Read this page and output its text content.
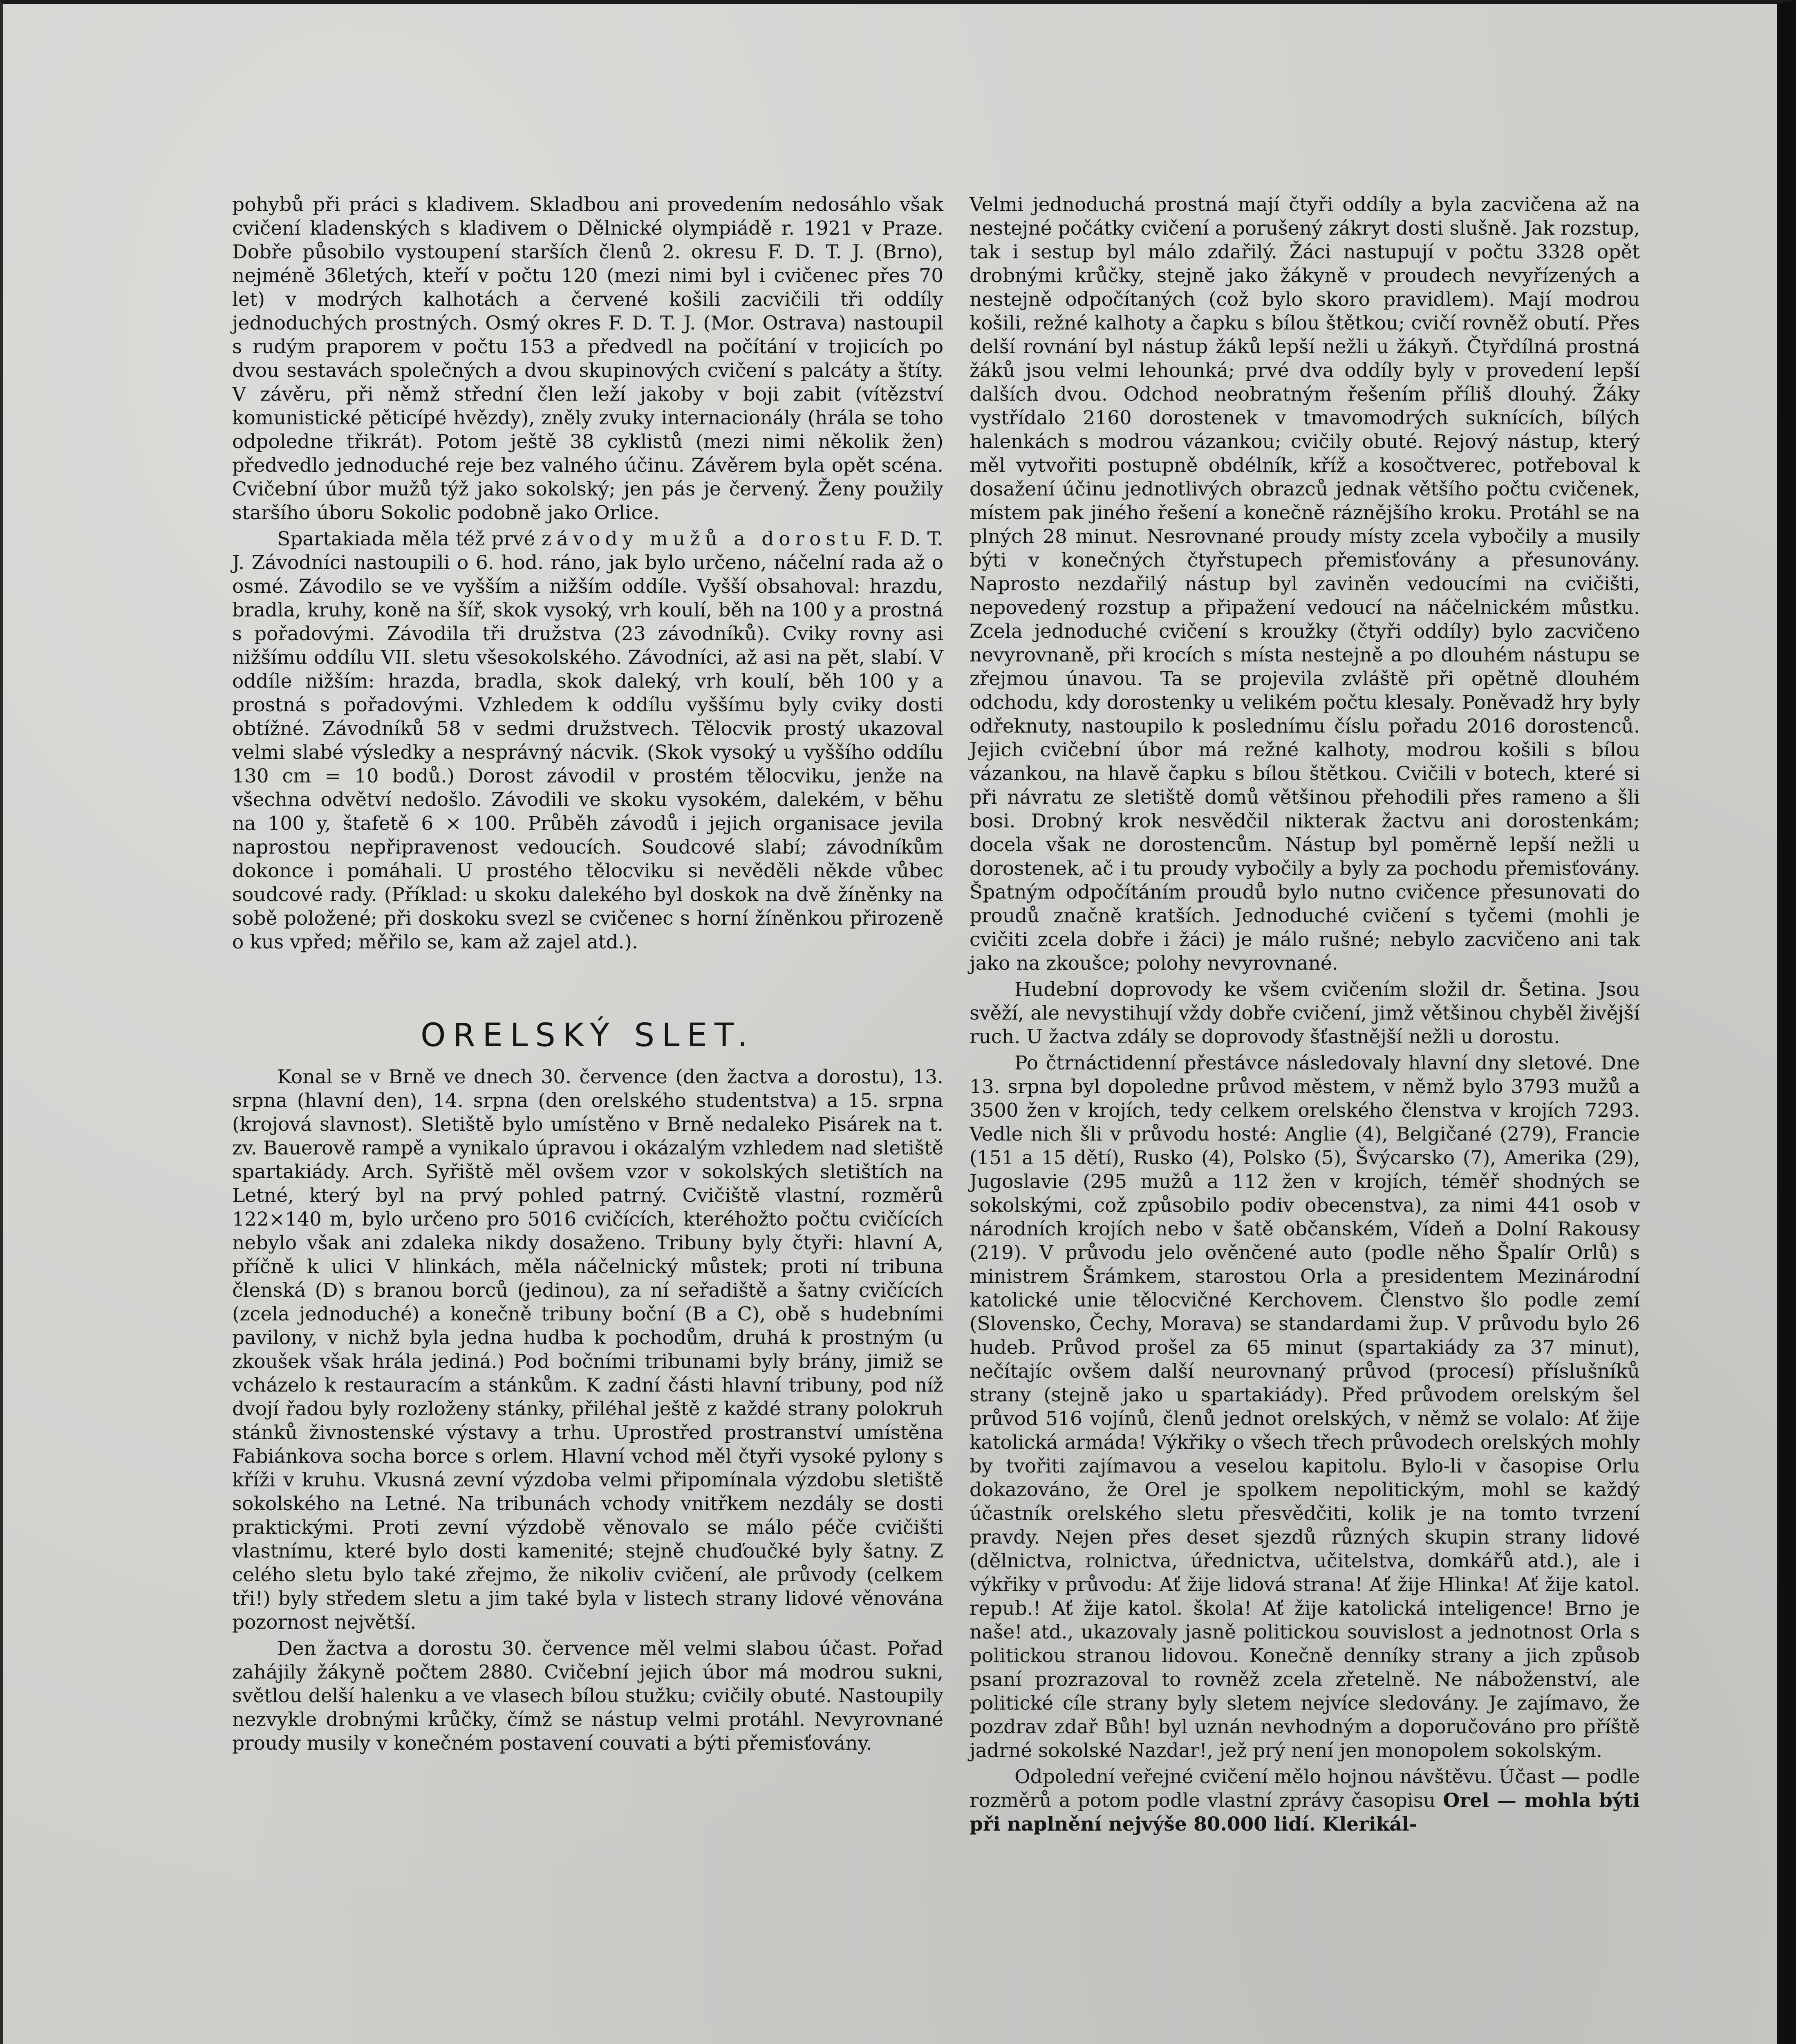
pohybů při práci s kladivem. Skladbou ani provedením nedosáhlo však cvičení kladenských s kladivem o Dělnické olympiádě r. 1921 v Praze. Dobře působilo vystoupení starších členů 2. okresu F. D. T. J. (Brno), nejméně 36letých, kteří v počtu 120 (mezi nimi byl i cvičenec přes 70 let) v modrých kalhotách a červené košili zacvičili tři oddíly jednoduchých prostných. Osmý okres F. D. T. J. (Mor. Ostrava) nastoupil s rudým praporem v počtu 153 a předvedl na počítání v trojicích po dvou sestavách společných a dvou skupinových cvičení s palcáty a štíty. V závěru, při němž střední člen leží jakoby v boji zabit (vítězství komunistické pěticípé hvězdy), zněly zvuky internacionály (hrála se toho odpoledne třikrát). Potom ještě 38 cyklistů (mezi nimi několik žen) předvedlo jednoduché reje bez valného účinu. Závěrem byla opět scéna. Cvičební úbor mužů týž jako sokolský; jen pás je červený. Ženy použily staršího úboru Sokolic podobně jako Orlice.

Spartakiada měla též prvé závody mužů a dorostu F. D. T. J. Závodníci nastoupili o 6. hod. ráno, jak bylo určeno, náčelní rada až o osmé. Závodilo se ve vyšším a nižším oddíle. Vyšší obsahoval: hrazdu, bradla, kruhy, koně na šíř, skok vysoký, vrh koulí, běh na 100 y a prostná s pořadovými. Závodila tři družstva (23 závodníků). Cviky rovny asi nižšímu oddílu VII. sletu všesokolského. Závodníci, až asi na pět, slabí. V oddíle nižším: hrazda, bradla, skok daleký, vrh koulí, běh 100 y a prostná s pořadovými. Vzhledem k oddílu vyššímu byly cviky dosti obtížné. Závodníků 58 v sedmi družstvech. Tělocvik prostý ukazoval velmi slabé výsledky a nesprávný nácvik. (Skok vysoký u vyššího oddílu 130 cm = 10 bodů.) Dorost závodil v prostém tělocviku, jenže na všechna odvětví nedošlo. Závodili ve skoku vysokém, dalekém, v běhu na 100 y, štafetě 6 × 100. Průběh závodů i jejich organisace jevila naprostou nepřipravenost vedoucích. Soudcové slabí; závodníkům dokonce i pomáhali. U prostého tělocviku si nevěděli někde vůbec soudcové rady. (Příklad: u skoku dalekého byl doskok na dvě žíněnky na sobě položené; při doskoku svezl se cvičenec s horní žíněnkou přirozeně o kus vpřed; měřilo se, kam až zajel atd.).

ORELSKÝ SLET.

Konal se v Brně ve dnech 30. července (den žactva a dorostu), 13. srpna (hlavní den), 14. srpna (den orelského studentstva) a 15. srpna (krojová slavnost). Sletiště bylo umístěno v Brně nedaleko Pisárek na t. zv. Bauerově rampě a vynikalo úpravou i okázalým vzhledem nad sletiště spartakiády. Arch. Syřiště měl ovšem vzor v sokolských sletištích na Letné, který byl na prvý pohled patrný. Cvičiště vlastní, rozměrů 122×140 m, bylo určeno pro 5016 cvičících, kteréhožto počtu cvičících nebylo však ani zdaleka nikdy dosaženo. Tribuny byly čtyři: hlavní A, příčně k ulici V hlinkách, měla náčelnický můstek; proti ní tribuna členská (D) s branou borců (jedinou), za ní seřadiště a šatny cvičících (zcela jednoduché) a konečně tribuny boční (B a C), obě s hudebními pavilony, v nichž byla jedna hudba k pochodům, druhá k prostným (u zkoušek však hrála jediná.) Pod bočními tribunami byly brány, jimiž se vcházelo k restauracím a stánkům. K zadní části hlavní tribuny, pod níž dvojí řadou byly rozloženy stánky, přiléhal ještě z každé strany polokruh stánků živnostenské výstavy a trhu. Uprostřed prostranství umístěna Fabiánkova socha borce s orlem. Hlavní vchod měl čtyři vysoké pylony s kříži v kruhu. Vkusná zevní výzdoba velmi připomínala výzdobu sletiště sokolského na Letné. Na tribunách vchody vnitřkem nezdály se dosti praktickými. Proti zevní výzdobě věnovalo se málo péče cvičišti vlastnímu, které bylo dosti kamenité; stejně chuďoučké byly šatny. Z celého sletu bylo také zřejmo, že nikoliv cvičení, ale průvody (celkem tři!) byly středem sletu a jim také byla v listech strany lidové věnována pozornost největší.

Den žactva a dorostu 30. července měl velmi slabou účast. Pořad zahájily žákyně počtem 2880. Cvičební jejich úbor má modrou sukni, světlou delší halenku a ve vlasech bílou stužku; cvičily obuté. Nastoupily nezvykle drobnými krůčky, čímž se nástup velmi protáhl. Nevyrovnané proudy musily v konečném postavení couvati a býti přemisťovány.

Velmi jednoduchá prostná mají čtyři oddíly a byla zacvičena až na nestejné počátky cvičení a porušený zákryt dosti slušně. Jak rozstup, tak i sestup byl málo zdařilý. Žáci nastupují v počtu 3328 opět drobnými krůčky, stejně jako žákyně v proudech nevyřízených a nestejně odpočítaných (což bylo skoro pravidlem). Mají modrou košili, režné kalhoty a čapku s bílou štětkou; cvičí rovněž obutí. Přes delší rovnání byl nástup žáků lepší nežli u žákyň. Čtyřdílná prostná žáků jsou velmi lehounká; prvé dva oddíly byly v provedení lepší dalších dvou. Odchod neobratným řešením příliš dlouhý. Žáky vystřídalo 2160 dorostenek v tmavomodrých suknících, bílých halenkách s modrou vázankou; cvičily obuté. Rejový nástup, který měl vytvořiti postupně obdélník, kříž a kosočtverec, potřeboval k dosažení účinu jednotlivých obrazců jednak většího počtu cvičenek, místem pak jiného řešení a konečně ráznějšího kroku. Protáhl se na plných 28 minut. Nesrovnané proudy místy zcela vybočily a musily býti v konečných čtyřstupech přemisťovány a přesunovány. Naprosto nezdařilý nástup byl zaviněn vedoucími na cvičišti, nepovedený rozstup a připažení vedoucí na náčelnickém můstku. Zcela jednoduché cvičení s kroužky (čtyři oddíly) bylo zacvičeno nevyrovnaně, při krocích s místa nestejně a po dlouhém nástupu se zřejmou únavou. Ta se projevila zvláště při opětně dlouhém odchodu, kdy dorostenky u velikém počtu klesaly. Poněvadž hry byly odřeknuty, nastoupilo k poslednímu číslu pořadu 2016 dorostenců. Jejich cvičební úbor má režné kalhoty, modrou košili s bílou vázankou, na hlavě čapku s bílou štětkou. Cvičili v botech, které si při návratu ze sletiště domů většinou přehodili přes rameno a šli bosi. Drobný krok nesvědčil nikterak žactvu ani dorostenkám; docela však ne dorostencům. Nástup byl poměrně lepší nežli u dorostenek, ač i tu proudy vybočily a byly za pochodu přemisťovány. Špatným odpočítáním proudů bylo nutno cvičence přesunovati do proudů značně kratších. Jednoduché cvičení s tyčemi (mohli je cvičiti zcela dobře i žáci) je málo rušné; nebylo zacvičeno ani tak jako na zkoušce; polohy nevyrovnané.

Hudební doprovody ke všem cvičením složil dr. Šetina. Jsou svěží, ale nevystihují vždy dobře cvičení, jimž většinou chyběl živější ruch. U žactva zdály se doprovody šťastnější nežli u dorostu.

Po čtrnáctidenní přestávce následovaly hlavní dny sletové. Dne 13. srpna byl dopoledne průvod městem, v němž bylo 3793 mužů a 3500 žen v krojích, tedy celkem orelského členstva v krojích 7293. Vedle nich šli v průvodu hosté: Anglie (4), Belgičané (279), Francie (151 a 15 dětí), Rusko (4), Polsko (5), Švýcarsko (7), Amerika (29), Jugoslavie (295 mužů a 112 žen v krojích, téměř shodných se sokolskými, což způsobilo podiv obecenstva), za nimi 441 osob v národních krojích nebo v šatě občanském, Vídeň a Dolní Rakousy (219). V průvodu jelo ověnčené auto (podle něho Špalír Orlů) s ministrem Šrámkem, starostou Orla a presidentem Mezinárodní katolické unie tělocvičné Kerchovem. Členstvo šlo podle zemí (Slovensko, Čechy, Morava) se standardami žup. V průvodu bylo 26 hudeb. Průvod prošel za 65 minut (spartakiády za 37 minut), nečítajíc ovšem další neurovnaný průvod (procesí) příslušníků strany (stejně jako u spartakiády). Před průvodem orelským šel průvod 516 vojínů, členů jednot orelských, v němž se volalo: Ať žije katolická armáda! Výkřiky o všech třech průvodech orelských mohly by tvořiti zajímavou a veselou kapitolu. Bylo-li v časopise Orlu dokazováno, že Orel je spolkem nepolitickým, mohl se každý účastník orelského sletu přesvědčiti, kolik je na tomto tvrzení pravdy. Nejen přes deset sjezdů různých skupin strany lidové (dělnictva, rolnictva, úřednictva, učitelstva, domkářů atd.), ale i výkřiky v průvodu: Ať žije lidová strana! Ať žije Hlinka! Ať žije katol. repub.! Ať žije katol. škola! Ať žije katolická inteligence! Brno je naše! atd., ukazovaly jasně politickou souvislost a jednotnost Orla s politickou stranou lidovou. Konečně denníky strany a jich způsob psaní prozrazoval to rovněž zcela zřetelně. Ne náboženství, ale politické cíle strany byly sletem nejvíce sledovány. Je zajímavo, že pozdrav zdař Bůh! byl uznán nevhodným a doporučováno pro příště jadrné sokolské Nazdar!, jež prý není jen monopolem sokolským.

Odpolední veřejné cvičení mělo hojnou návštěvu. Účast — podle rozměrů a potom podle vlastní zprávy časopisu Orel — mohla býti při naplnění nejvýše 80.000 lidí. Klerikál-
